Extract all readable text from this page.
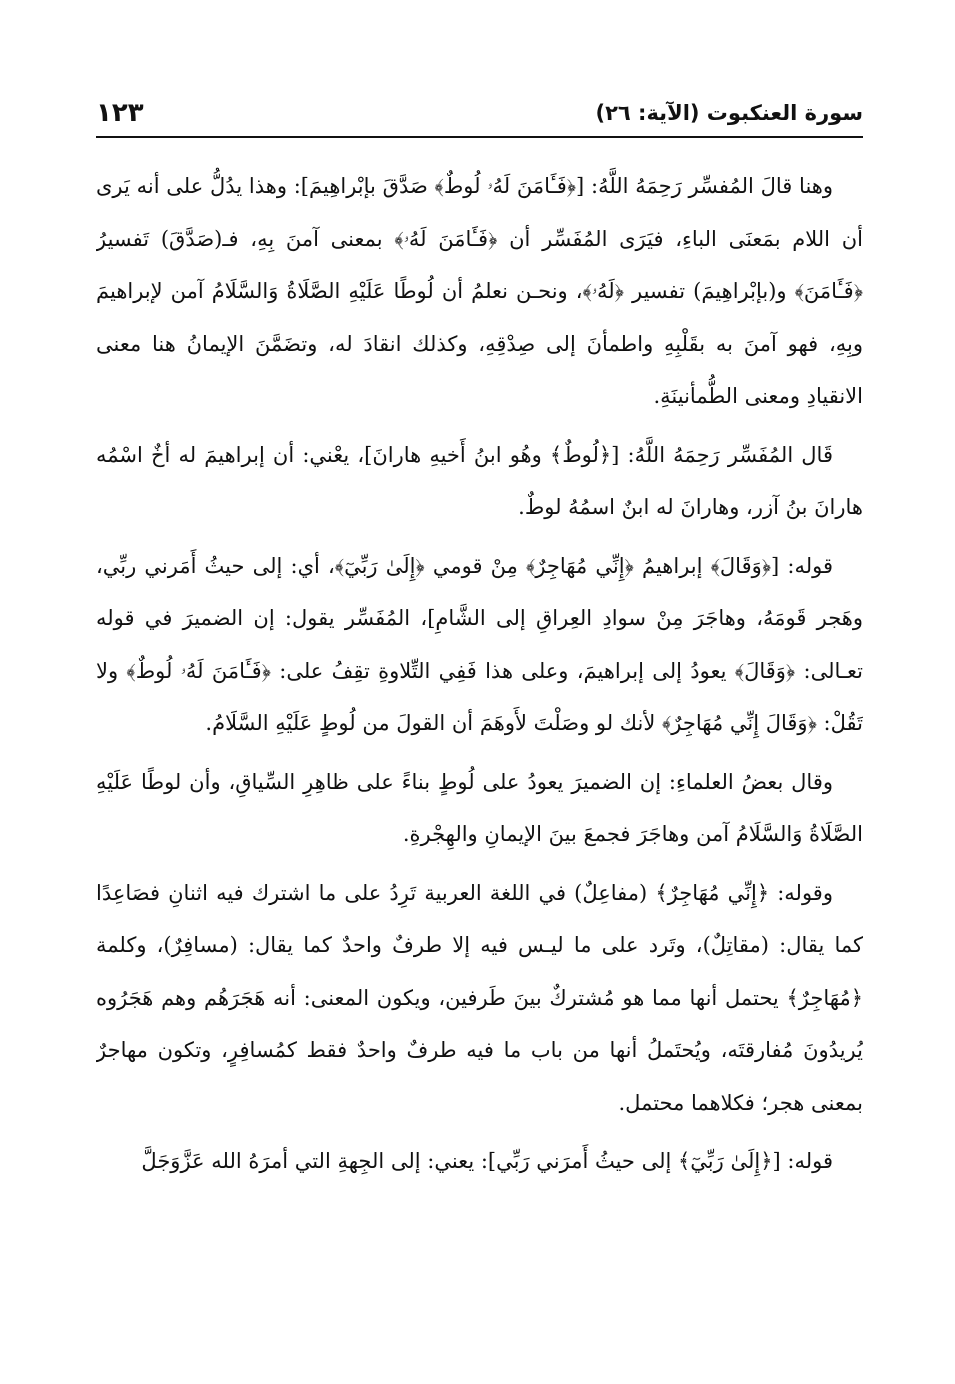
١٢٣	سورة العنكبوت (الآية: ٢٦)

وهنا قالَ المُفسِّر رَحِمَهُ اللَّهُ: [﴿فَـَٔامَنَ لَهُۥ لُوطٌ﴾ صَدَّقَ بإبْراهِيمَ]: وهذا يدُلُّ على أنه يَرى أن اللام بمَعنَى الباءِ، فيَرَى المُفَسِّر أن ﴿فَـَٔامَنَ لَهُۥ﴾ بمعنى آمنَ بِهِ، فـ(صَدَّقَ) تَفسيرُ ﴿فَـَٔامَنَ﴾ و(بإبْراهِيمَ) تفسير ﴿لَهُۥ﴾، ونحـن نعلمُ أن لُوطًا عَلَيْهِ الصَّلَاةُ وَالسَّلَامُ آمن لإبراهيمَ وبِهِ، فهو آمنَ به بقَلْبِهِ واطمأنَ إلى صِدْقِهِ، وكذلك انقادَ له، وتضَمَّنَ الإيمانُ هنا معنى الانقيادِ ومعنى الطُّمأنينَةِ.

قَال المُفَسِّر رَحِمَهُ اللَّهُ: [﴿لُوطٌ﴾ وهُو ابنُ أَخيهِ هارانَ]، يعْني: أن إبراهيمَ له أخٌ اسْمُه هارانَ بنُ آزر، وهارانَ له ابنٌ اسمُهُ لوطٌ.

قوله: [﴿وَقَالَ﴾ إبراهيمُ ﴿إِنِّي مُهَاجِرٌ﴾ مِنْ قومي ﴿إِلَىٰ رَبِّيٓ﴾، أي: إلى حيثُ أَمَرني ربِّي، وهَجر قَومَهُ، وهاجَرَ مِنْ سوادِ العِراقِ إلى الشَّامِ]، المُفَسِّر يقول: إن الضميرَ في قوله تعـالى: ﴿وَقَالَ﴾ يعودُ إلى إبراهيمَ، وعلى هذا فَفِي التِّلاوةِ تقِفُ على: ﴿فَـَٔامَنَ لَهُۥ لُوطٌ﴾ ولا تَقُلْ: ﴿وَقَالَ إِنِّي مُهَاجِرٌ﴾ لأنك لو وصَلْتَ لأَوهَمَ أن القولَ من لُوطٍ عَلَيْهِ السَّلَامُ.

وقال بعضُ العلماءِ: إن الضميرَ يعودُ على لُوطٍ بناءً على ظاهِرِ السِّياقِ، وأن لوطًا عَلَيْهِ الصَّلَاةُ وَالسَّلَامُ آمن وهاجَرَ فجمعَ بينَ الإيمانِ والهِجْرةِ.

وقوله: ﴿إِنِّي مُهَاجِرٌ﴾ (مفاعِلٌ) في اللغة العربية تَرِدُ على ما اشترك فيه اثنانِ فصَاعِدًا كما يقال: (مقاتِلٌ)، وتَرد على ما ليـس فيه إلا طرفٌ واحدٌ كما يقال: (مسافِرٌ)، وكلمة ﴿مُهَاجِرٌ﴾ يحتمل أنها مما هو مُشتركٌ بينَ طَرفين، ويكون المعنى: أنه هَجَرَهُم وهم هَجَرُوه يُريدُونَ مُفارقتَه، ويُحتَملُ أنها من باب ما فيه طرفٌ واحدٌ فقط كمُسافِرٍ، وتكون مهاجرٌ بمعنى هجر؛ فكلاهما محتمل.

قوله: [﴿إِلَىٰ رَبِّيٓ﴾ إلى حيثُ أَمرَني رَبِّي]: يعني: إلى الجِهةِ التي أمرَهُ الله عَزَّوَجَلَّ
